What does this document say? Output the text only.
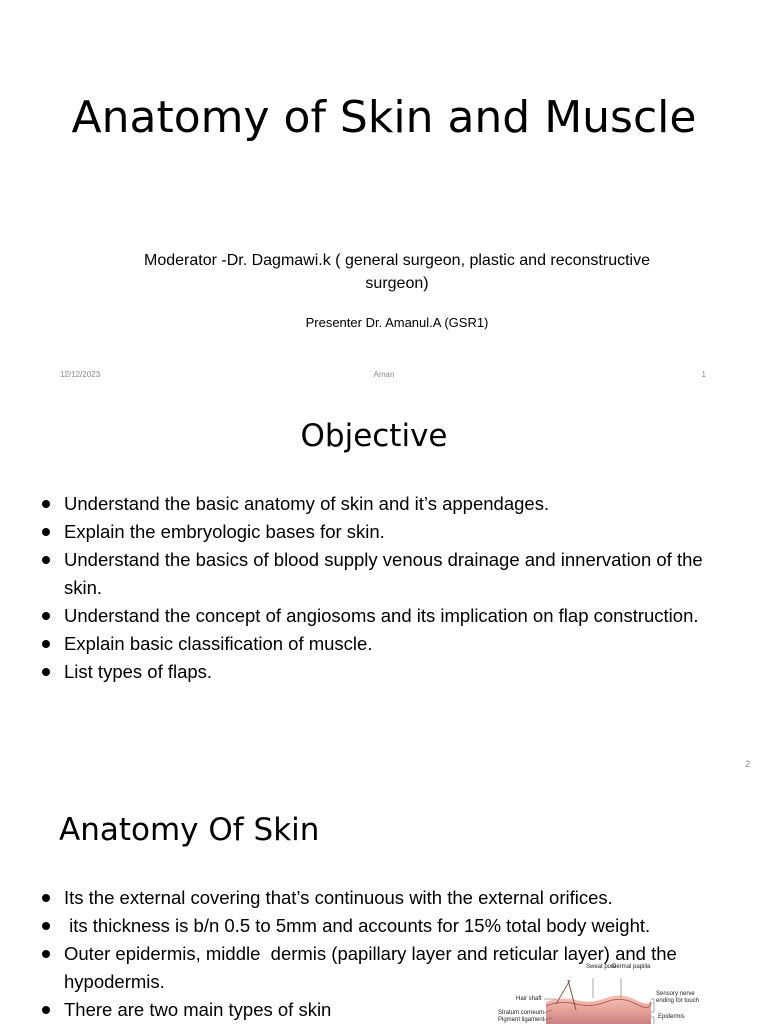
Anatomy of Skin and Muscle

Moderator -Dr. Dagmawi.k ( general surgeon, plastic and reconstructive surgeon)

Presenter Dr. Amanul.A (GSR1)

12/12/2023	Aman	1
Objective
Understand the basic anatomy of skin and it’s appendages.
Explain the embryologic bases for skin.
Understand the basics of blood supply venous drainage and innervation of the skin.
Understand the concept of angiosoms and its implication on flap construction.
Explain basic classification of muscle.
List types of flaps.
2
Anatomy Of Skin
Its the external covering that’s continuous with the external orifices.
its thickness is b/n 0.5 to 5mm and accounts for 15% total body weight.
Outer epidermis, middle  dermis (papillary layer and reticular layer) and the hypodermis.
There are two main types of skin
Sweat pore
Dermal papilla
Hair shaft
Stratum corneum
Pigment ligament
Sensory nerve ending for touch
Epidermis
